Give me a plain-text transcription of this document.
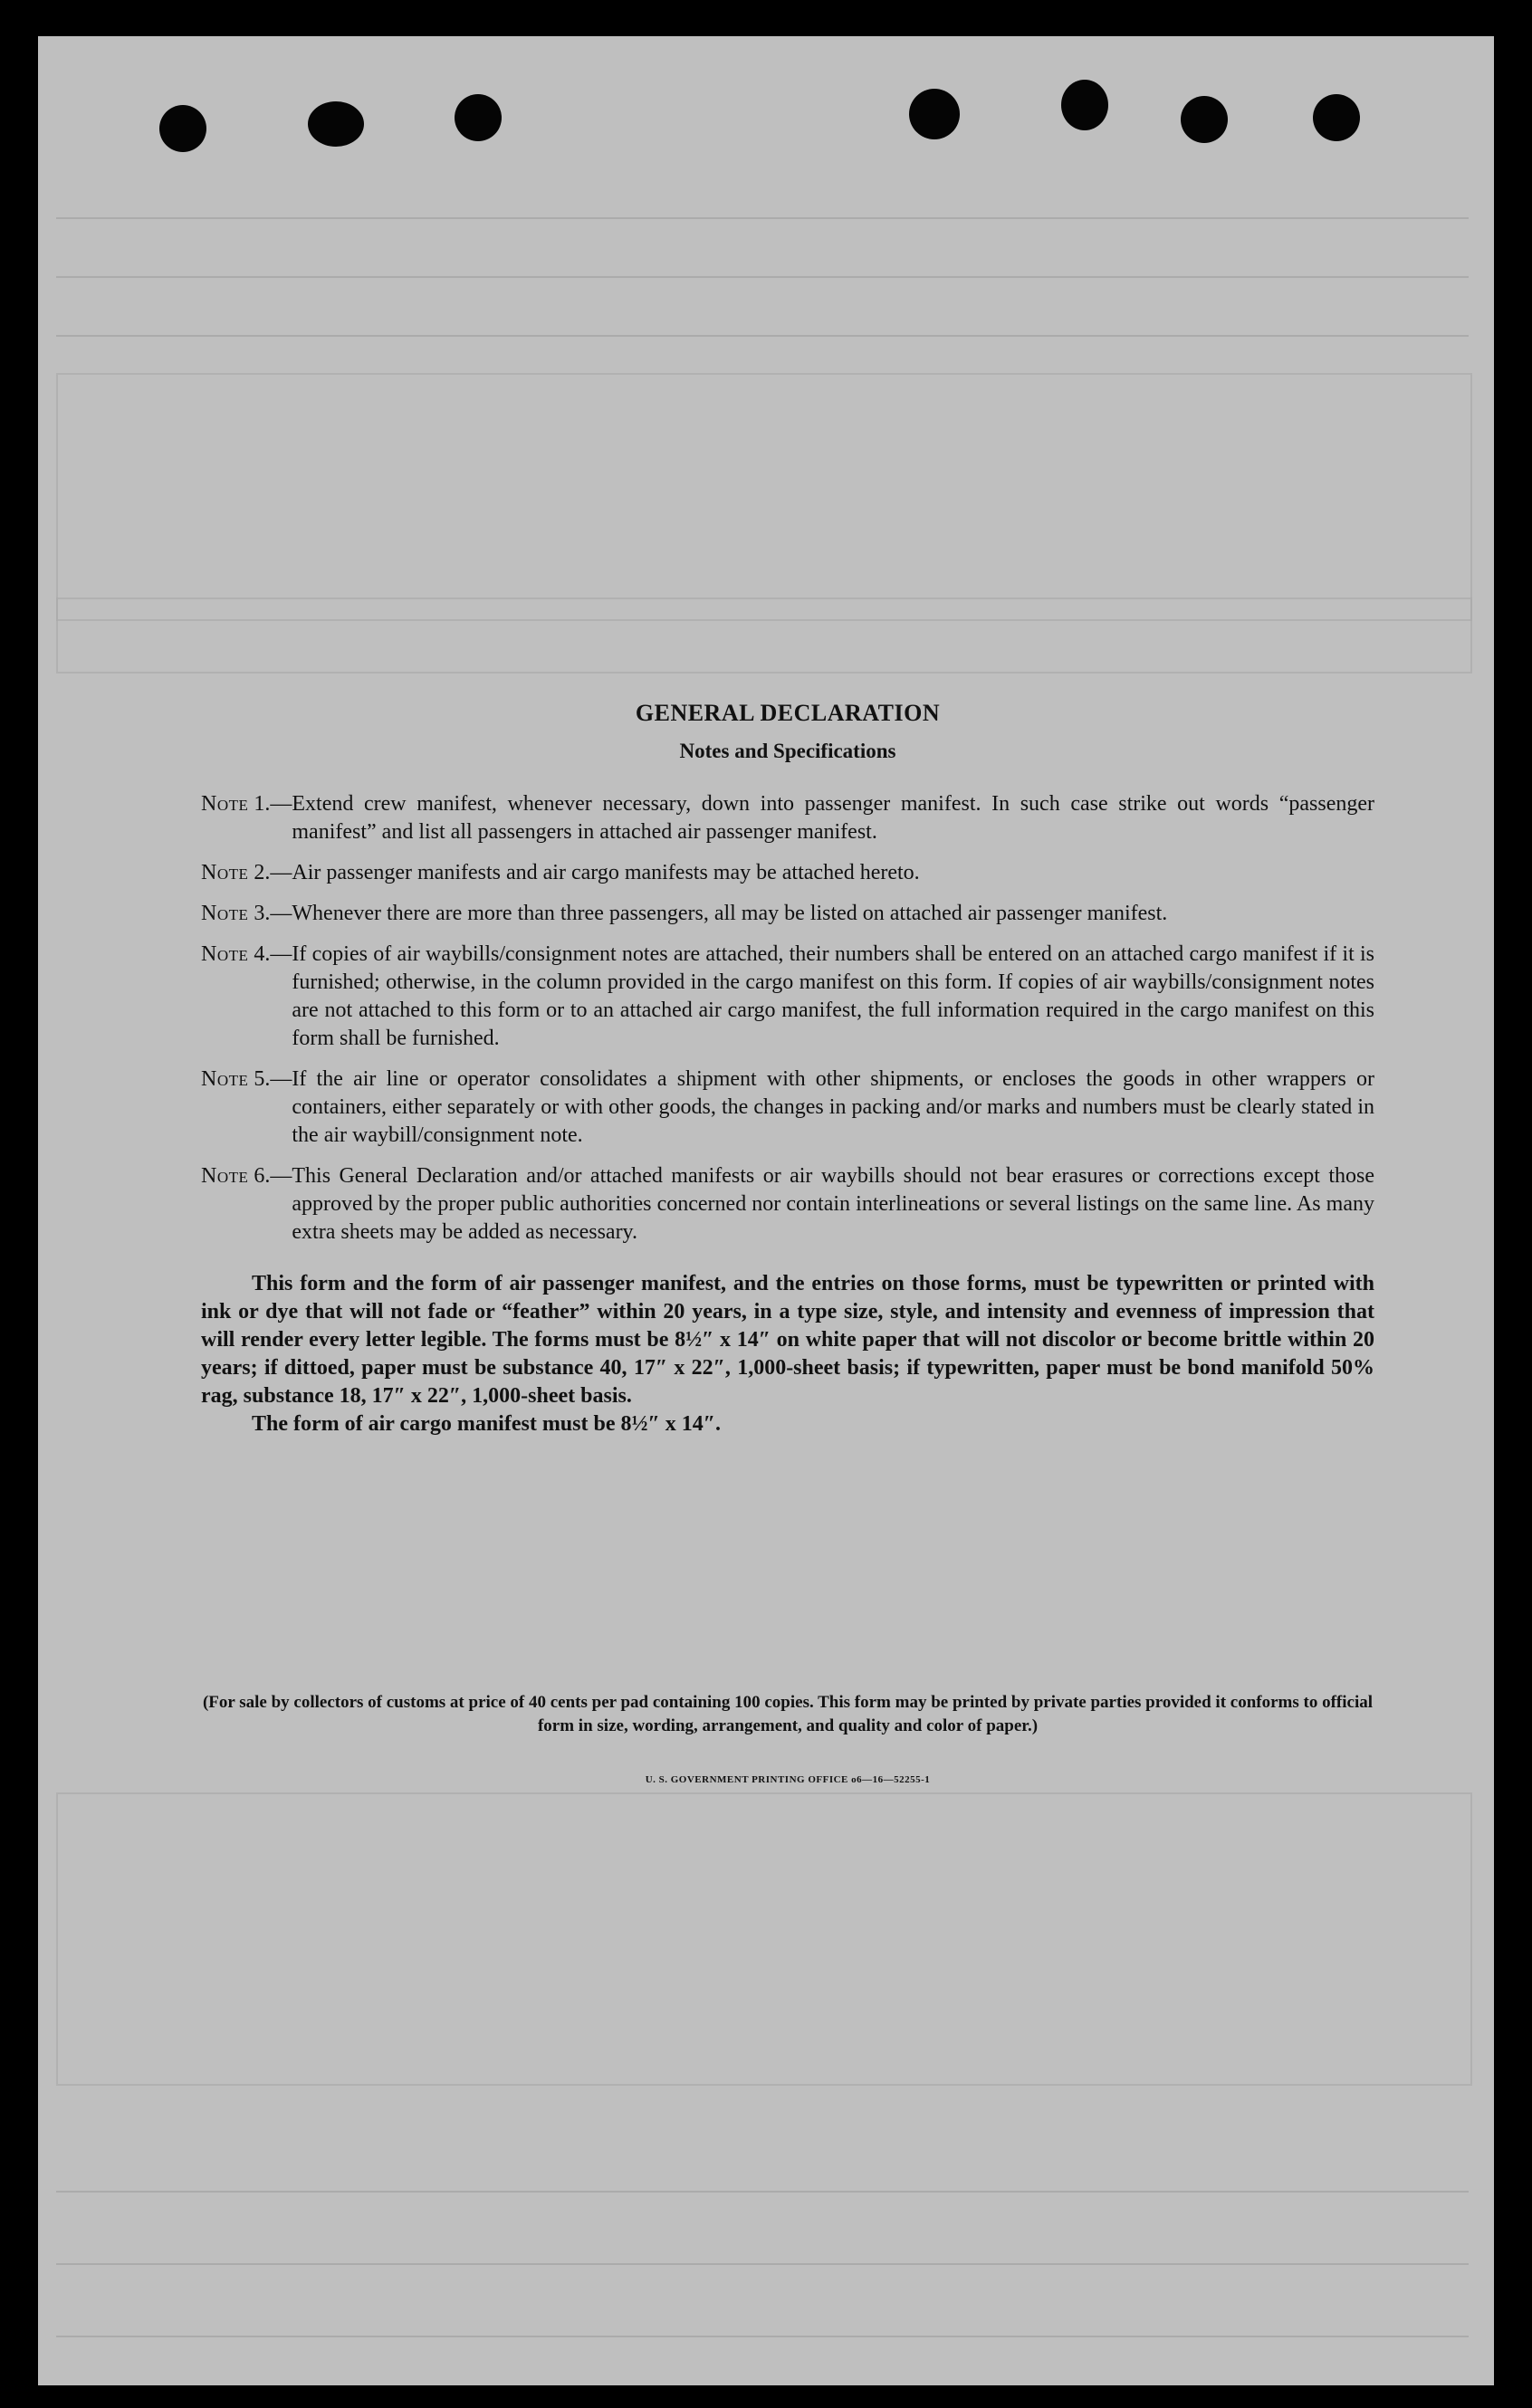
GENERAL DECLARATION

Notes and Specifications

Note 1.— Extend crew manifest, whenever necessary, down into passenger manifest. In such case strike out words “passenger manifest” and list all passengers in attached air passenger manifest.
Note 2.— Air passenger manifests and air cargo manifests may be attached hereto.
Note 3.— Whenever there are more than three passengers, all may be listed on attached air passenger manifest.
Note 4.— If copies of air waybills/consignment notes are attached, their numbers shall be entered on an attached cargo manifest if it is furnished; otherwise, in the column provided in the cargo manifest on this form. If copies of air waybills/consignment notes are not attached to this form or to an attached air cargo manifest, the full information required in the cargo manifest on this form shall be furnished.
Note 5.— If the air line or operator consolidates a shipment with other shipments, or encloses the goods in other wrappers or containers, either separately or with other goods, the changes in packing and/or marks and numbers must be clearly stated in the air waybill/consignment note.
Note 6.— This General Declaration and/or attached manifests or air waybills should not bear erasures or corrections except those approved by the proper public authorities concerned nor contain interlineations or several listings on the same line. As many extra sheets may be added as necessary.
This form and the form of air passenger manifest, and the entries on those forms, must be typewritten or printed with ink or dye that will not fade or “feather” within 20 years, in a type size, style, and intensity and evenness of impression that will render every letter legible. The forms must be 8½″ x 14″ on white paper that will not discolor or become brittle within 20 years; if dittoed, paper must be substance 40, 17″ x 22″, 1,000-sheet basis; if typewritten, paper must be bond manifold 50% rag, substance 18, 17″ x 22″, 1,000-sheet basis.
The form of air cargo manifest must be 8½″ x 14″.
(For sale by collectors of customs at price of 40 cents per pad containing 100 copies. This form may be printed by private parties provided it conforms to official form in size, wording, arrangement, and quality and color of paper.)
U. S. GOVERNMENT PRINTING OFFICE o6—16—52255-1
